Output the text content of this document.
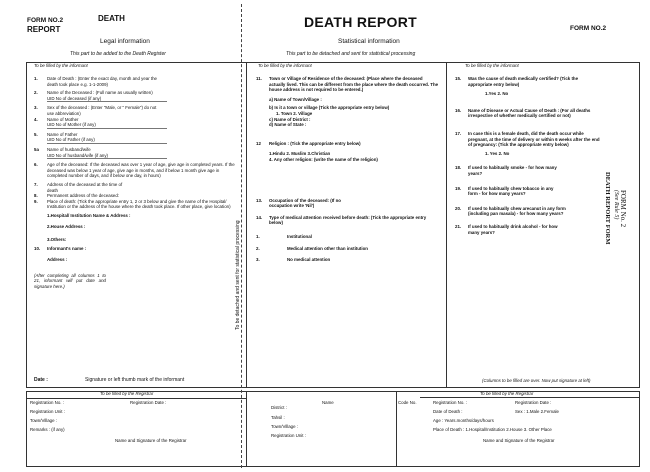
FORM NO.2
REPORT
DEATH
Legal information
This part to be added to the Death Register
To be filled by the informant
1.	Date of Death : (Enter the exact day, month and year the death took place e.g. 1-1-2009)
2.	Name of the Deceased : (Full name as usually written)
UID No of deceased (if any)
3.	Sex of the deceased : (Enter "Male, or " Female") do not use abbreviation)
4.	Name of Mother
UID No of Mother (if any)
5.	Name of Father
UID No of Father (if any)
5a	Name of husband/wife
UID No of husband/wife (if any)
6.	Age of the deceased: If the deceased was over 1 year of age, give age in completed years. If the deceased was below 1 year of age, give age in months, and if below 1 month give age in completed number of days, and if below one day, in hours)
7.	Address of the deceased at the time of death
8.	Permanent address of the deceased:
9.	Place of death: (Tick the appropriate entry 1, 2 or 3 below and give the name of the Hospital/ Institution or the address of the house where the death took place. If other place, give location)
1.Hospital/ Institution Name & Address :
2.House Address :
3.Others:
10.	Informant's name :
Address :
(After completing all columns 1 to 21, informant will put date and signature here.)
Date :	Signature or left thumb mark of the informant
DEATH REPORT
Statistical information
This part to be detached and sent for statistical processing
FORM NO.2
To be detached and sent for statistical processing
To be filled by the informant
11.	Town or Village of Residence of the deceased: (Place where the deceased actually lived. This can be different from the place where the death occurred. The house address is not required to be entered.)
a) Name of Town/Village :
b) Is it a town or village (Tick the appropriate entry below)
1. Town 2. Village
c) Name of District :
d) Name of State :
12	Religion : (Tick the appropriate entry below)
1.Hindu 2. Muslim 3.Christian
4. Any other religion: (write the name of the religion)
13.	Occupation of the deceased: (If no occupation write 'Nil')
14.	Type of medical attention received before death: (Tick the appropriate entry below)
1.	Institutional
2.	Medical attention other than institution
3.	No medical attention
To be filled by the informant
15.	Was the cause of death medically certified? (Tick the appropriate entry below)
1.Yes 2. No
16.	Name of Disease or Actual Cause of Death : (For all deaths irrespective of whether medically certified or not)
17.	In case this is a female death, did the death occur while pregnant, at the time of delivery or within 6 weeks after the end of pregnancy: (Tick the appropriate entry below)
1. Yes 2. No
18.	If used to habitually smoke - for how many years?
19.	If used to habitually chew tobacco in any form - for how many years?
20.	If used to habitually chew arecanut in any form (including pan masala) - for how many years?
21.	If used to habitually drink alcohol - for how many years?
(Columns to be filled are over. Now put signature at left)
FORM No. 2
(See Rule 5)
DEATH REPORT FORM
To be filled by the Registrar
Registration No. :	Registration Date :
Registration Unit :
Town/Village :
Remarks : (if any)
Name and Signature of the Registrar
District :
Name
Tahsil :
Town/Village :
Registration Unit :
Code No.
To be filled by the Registrar
Registration No. :	Registration Date :
Date of Death :	Sex : 1.Male 2.Female
Age : Years.months/days/hours
Place of Death : 1.Hospital/Institution 2.House 3. Other Place
Name and Signature of the Registrar
